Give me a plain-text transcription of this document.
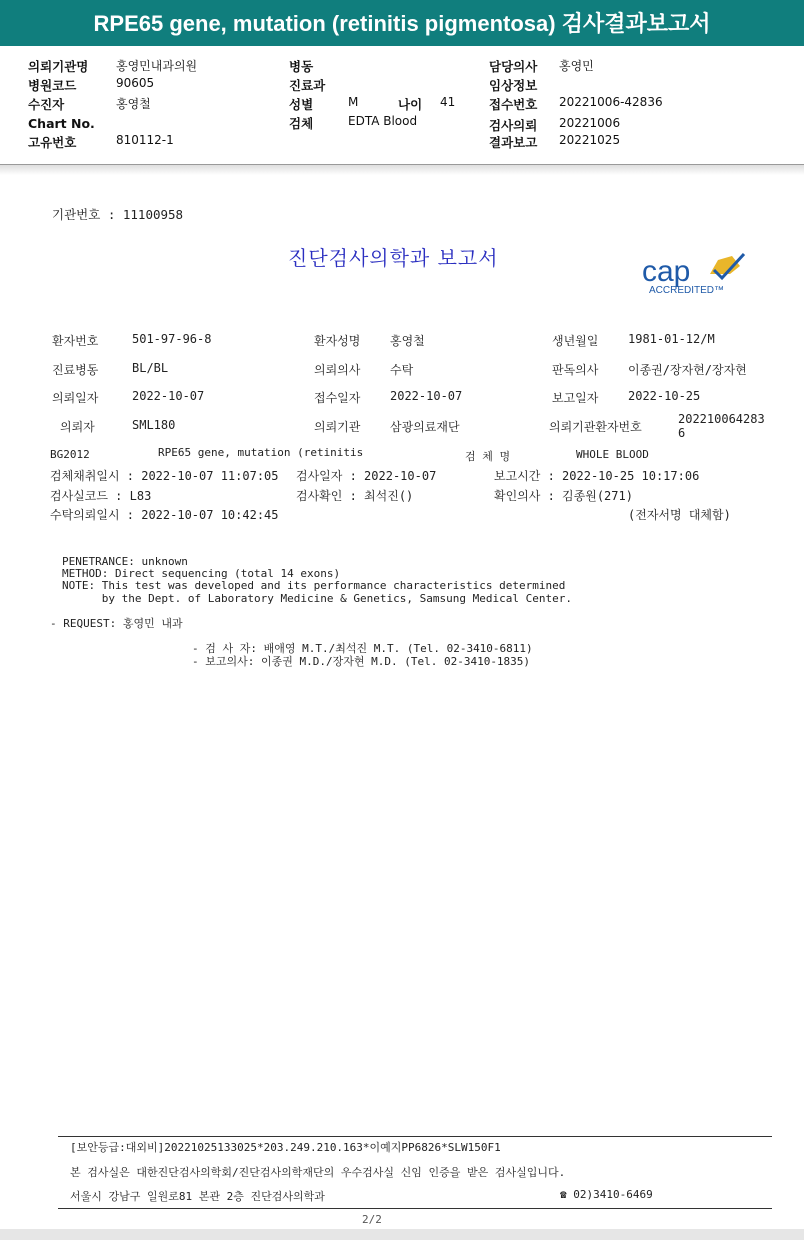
RPE65 gene, mutation (retinitis pigmentosa) 검사결과보고서
의뢰기관명 홍영민내과의원
병원코드	90605
수진자	홍영철
Chart No.
고유번호	810112-1
병동
진료과
성별	M	나이 41
검체	EDTA Blood
담당의사 홍영민
임상정보
접수번호 20221006-42836
검사의뢰 20221006
결과보고 20221025
기관번호 : 11100958
진단검사의학과 보고서	cap
ACCREDITED™
환자번호	501-97-96-8	환자성명 홍영철	생년월일 1981-01-12/M
진료병동	BL/BL	의뢰의사 수탁	판독의사 이종권/장자현/장자현
의뢰일자	2022-10-07	접수일자 2022-10-07	보고일자 2022-10-25
의뢰자	SML180	의뢰기관 삼광의료재단	의뢰기관환자번호
202210064283
6
BG2012	RPE65 gene, mutation (retinitis	검 체 명	WHOLE BLOOD
검체채취일시 : 2022-10-07 11:07:05 검사일자 : 2022-10-07	보고시간 : 2022-10-25 10:17:06
검사실코드 : L83	검사확인 : 최석진()	확인의사 : 김종원(271)
수탁의뢰일시 : 2022-10-07 10:42:45	(전자서명 대체함)
PENETRANCE: unknown
METHOD: Direct sequencing (total 14 exons)
NOTE: This test was developed and its performance characteristics determined
by the Dept. of Laboratory Medicine & Genetics, Samsung Medical Center.
- REQUEST: 홍영민 내과
- 검 사 자: 배애영 M.T./최석진 M.T. (Tel. 02-3410-6811)
- 보고의사: 이종권 M.D./장자현 M.D. (Tel. 02-3410-1835)
[보안등급:대외비]20221025133025*203.249.210.163*이예지PP6826*SLW150F1
본 검사실은 대한진단검사의학회/진단검사의학재단의 우수검사실 신임 인증을 받은 검사실입니다.
서울시 강남구 일원로81 본관 2층 진단검사의학과	☎ 02)3410-6469
2/2
